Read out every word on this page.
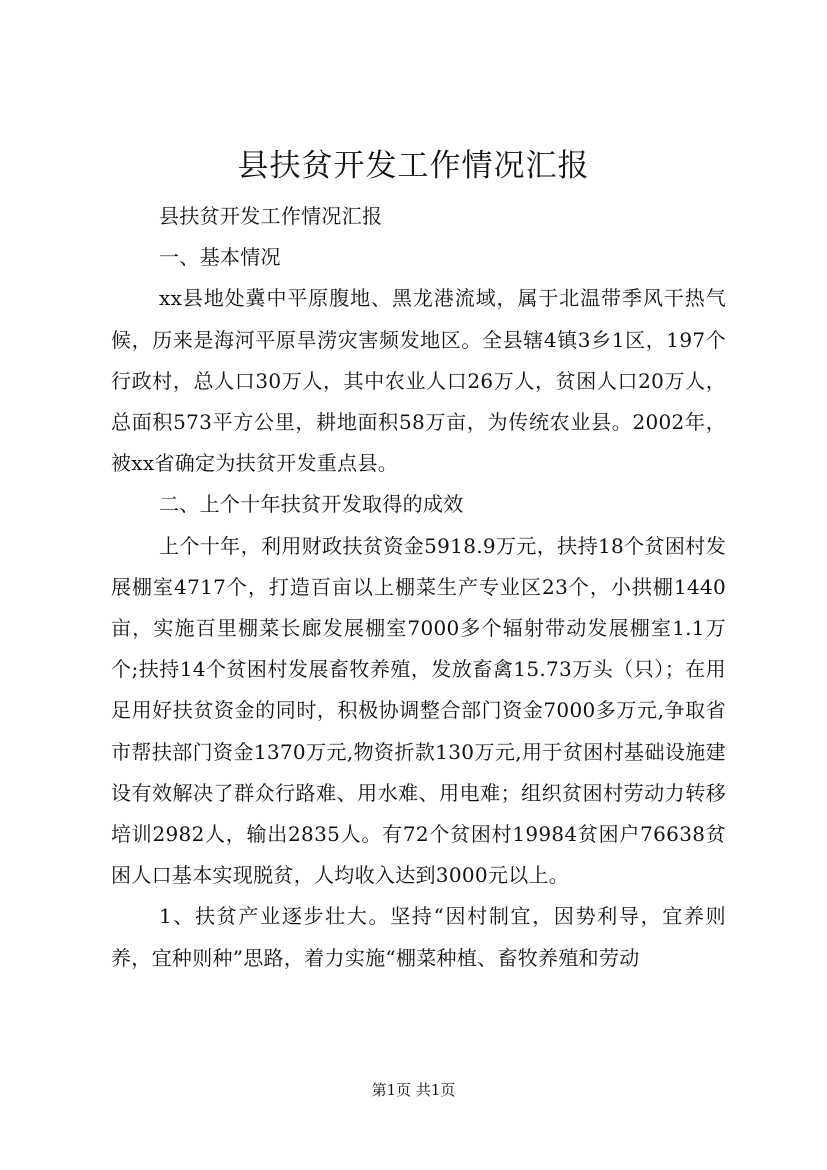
县扶贫开发工作情况汇报

县扶贫开发工作情况汇报

一、基本情况

xx县地处冀中平原腹地、黑龙港流域，属于北温带季风干热气候，历来是海河平原旱涝灾害频发地区。全县辖4镇3乡1区，197个行政村，总人口30万人，其中农业人口26万人，贫困人口20万人，总面积573平方公里，耕地面积58万亩，为传统农业县。2002年，被xx省确定为扶贫开发重点县。

二、上个十年扶贫开发取得的成效

上个十年，利用财政扶贫资金5918.9万元，扶持18个贫困村发展棚室4717个，打造百亩以上棚菜生产专业区23个，小拱棚1440亩，实施百里棚菜长廊发展棚室7000多个辐射带动发展棚室1.1万个;扶持14个贫困村发展畜牧养殖，发放畜禽15.73万头（只）；在用足用好扶贫资金的同时，积极协调整合部门资金7000多万元,争取省市帮扶部门资金1370万元,物资折款130万元,用于贫困村基础设施建设有效解决了群众行路难、用水难、用电难；组织贫困村劳动力转移培训2982人，输出2835人。有72个贫困村19984贫困户76638贫困人口基本实现脱贫，人均收入达到3000元以上。

1、扶贫产业逐步壮大。坚持“因村制宜，因势利导，宜养则养，宜种则种”思路，着力实施“棚菜种植、畜牧养殖和劳动

第1页 共1页
